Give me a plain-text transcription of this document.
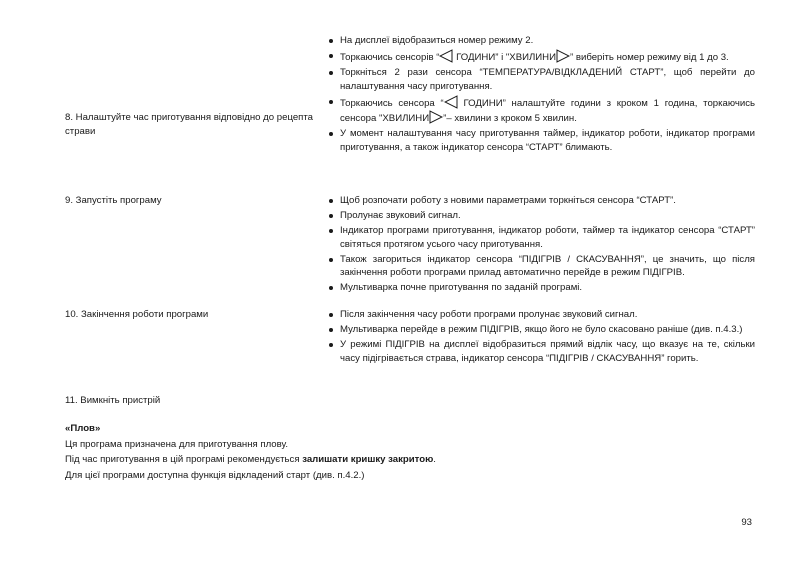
8. Налаштуйте час приготування відповідно до рецепта страви
На дисплеї відобразиться номер режиму 2.
Торкаючись сенсорів “
ГОДИНИ” і "ХВИЛИНИ ” виберіть номер режиму від 1 до 3.
Торкніться 2 рази сенсора “ТЕМПЕРАТУРА/ВІДКЛАДЕНИЙ СТАРТ”, щоб перейти до налаштування часу приготування.
Торкаючись сенсора “
ГОДИНИ” налаштуйте години з кроком 1 година, торкаючись сенсора "ХВИЛИНИ ”– хвилини з кроком 5 хвилин.
У момент налаштування часу приготування таймер, індикатор роботи, індикатор програми приготування, а також індикатор сенсора “СТАРТ” блимають.
9. Запустіть програму	Щоб розпочати роботу з новими параметрами торкніться сенсора “СТАРТ”.
Пролунає звуковий сигнал.
Індикатор програми приготування, індикатор роботи, таймер та індикатор сенсора “СТАРТ” світяться протягом усього часу приготування.
Також загориться індикатор сенсора “ПІДІГРІВ / СКАСУВАННЯ”, це значить, що після закінчення роботи програми прилад автоматично перейде в режим ПІДІГРІВ.
Мультиварка почне приготування по заданій програмі.
10. Закінчення роботи програми	Після закінчення часу роботи програми пролунає звуковий сигнал.
Мультиварка перейде в режим ПІДІГРІВ, якщо його не було скасовано раніше (див. п.4.3.)
У режимі ПІДІГРІВ на дисплеї відобразиться прямий відлік часу, що вказує на те, скільки часу підігрівається страва, індикатор сенсора “ПІДІГРІВ / СКАСУВАННЯ” горить.
11. Вимкніть пристрій

«Плов»

Ця програма призначена для приготування плову.

Під час приготування в цій програмі рекомендується залишати кришку закритою.

Для цієї програми доступна функція відкладений старт (див. п.4.2.)

93
